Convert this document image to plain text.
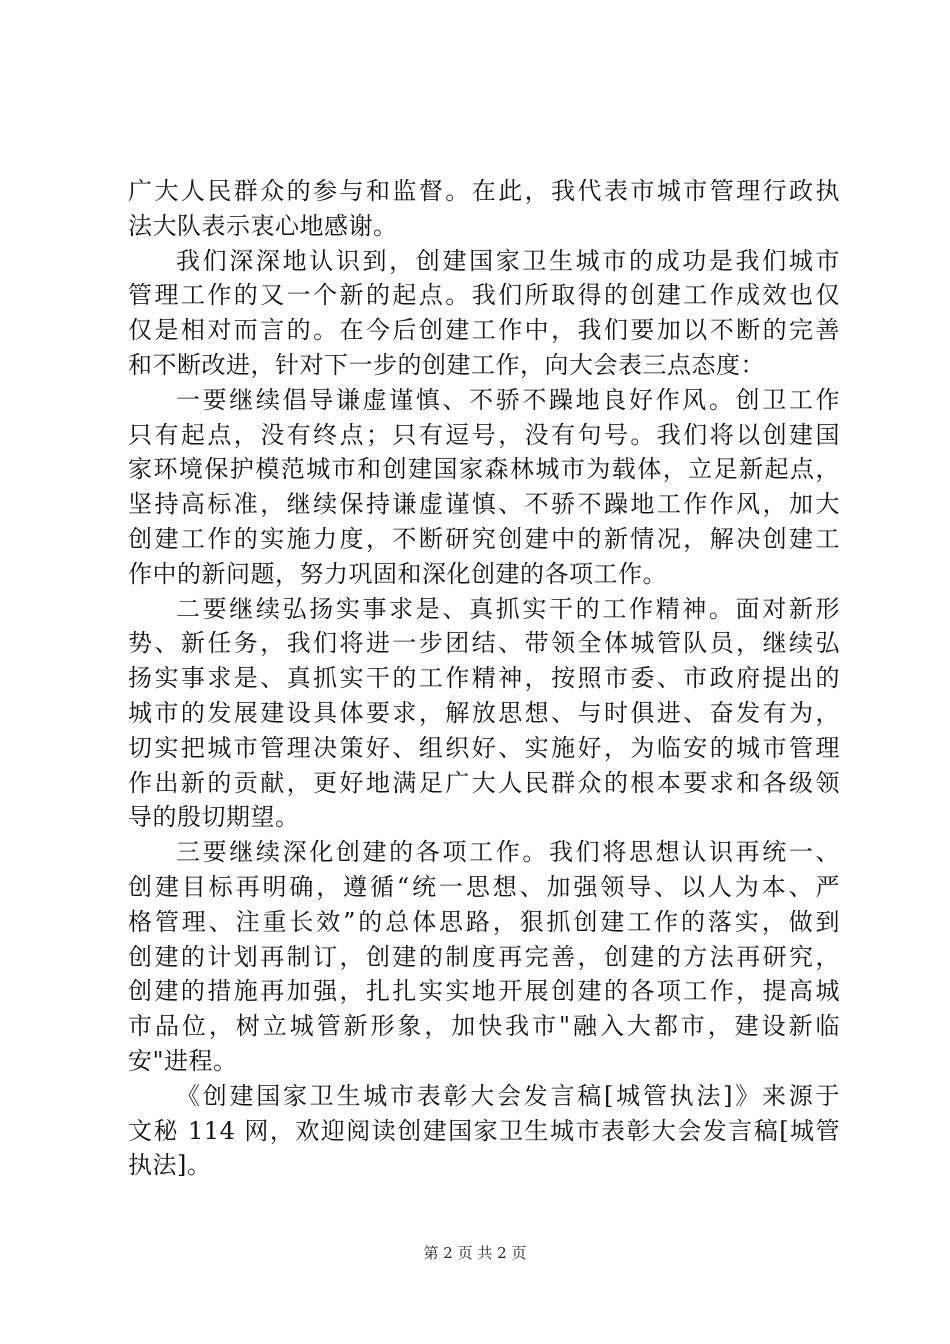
广大人民群众的参与和监督。在此，我代表市城市管理行政执
法大队表示衷心地感谢。
我们深深地认识到，创建国家卫生城市的成功是我们城市
管理工作的又一个新的起点。我们所取得的创建工作成效也仅
仅是相对而言的。在今后创建工作中，我们要加以不断的完善
和不断改进，针对下一步的创建工作，向大会表三点态度：
一要继续倡导谦虚谨慎、不骄不躁地良好作风。创卫工作
只有起点，没有终点；只有逗号，没有句号。我们将以创建国
家环境保护模范城市和创建国家森林城市为载体，立足新起点，
坚持高标准，继续保持谦虚谨慎、不骄不躁地工作作风，加大
创建工作的实施力度，不断研究创建中的新情况，解决创建工
作中的新问题，努力巩固和深化创建的各项工作。
二要继续弘扬实事求是、真抓实干的工作精神。面对新形
势、新任务，我们将进一步团结、带领全体城管队员，继续弘
扬实事求是、真抓实干的工作精神，按照市委、市政府提出的
城市的发展建设具体要求，解放思想、与时俱进、奋发有为，
切实把城市管理决策好、组织好、实施好，为临安的城市管理
作出新的贡献，更好地满足广大人民群众的根本要求和各级领
导的殷切期望。
三要继续深化创建的各项工作。我们将思想认识再统一、
创建目标再明确，遵循“统一思想、加强领导、以人为本、严
格管理、注重长效”的总体思路，狠抓创建工作的落实，做到
创建的计划再制订，创建的制度再完善，创建的方法再研究，
创建的措施再加强，扎扎实实地开展创建的各项工作，提高城
市品位，树立城管新形象，加快我市"融入大都市，建设新临
安"进程。
《创建国家卫生城市表彰大会发言稿[城管执法]》来源于
文秘 114 网，欢迎阅读创建国家卫生城市表彰大会发言稿[城管
执法]。
第 2 页 共 2 页
